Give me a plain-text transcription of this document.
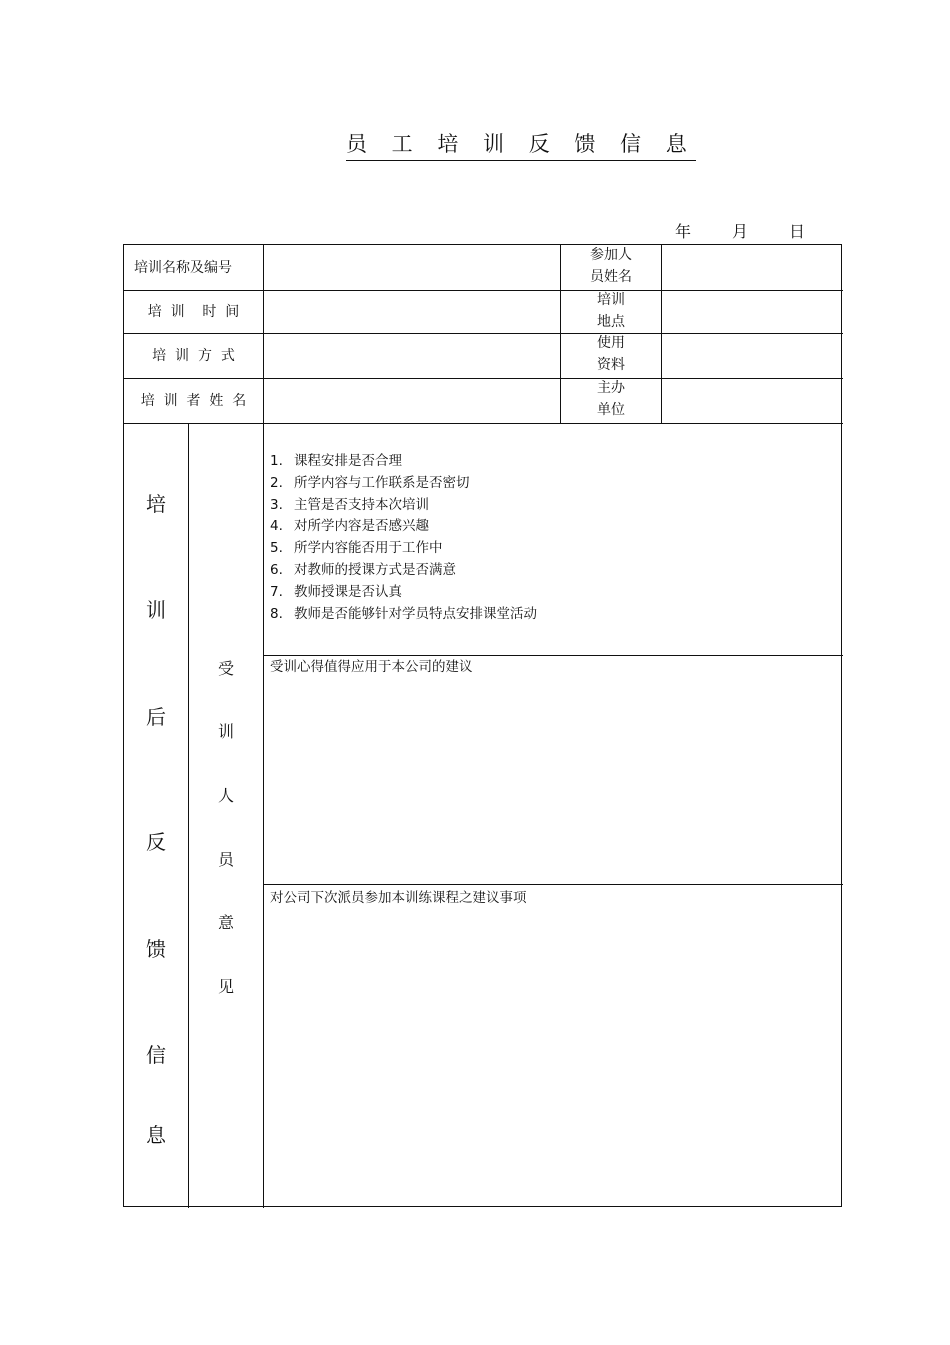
员 工 培 训 反 馈 信 息
年	月	日
培训名称及编号
参加人
员姓名
培  训    时  间
培训
地点
培  训  方  式
使用
资料
培  训  者  姓  名
主办
单位
培
训
后
反
馈
信
息
受
训
人
员
意
见
1. 课程安排是否合理
2. 所学内容与工作联系是否密切
3. 主管是否支持本次培训
4. 对所学内容是否感兴趣
5. 所学内容能否用于工作中
6. 对教师的授课方式是否满意
7. 教师授课是否认真
8. 教师是否能够针对学员特点安排课堂活动
受训心得值得应用于本公司的建议
对公司下次派员参加本训练课程之建议事项
